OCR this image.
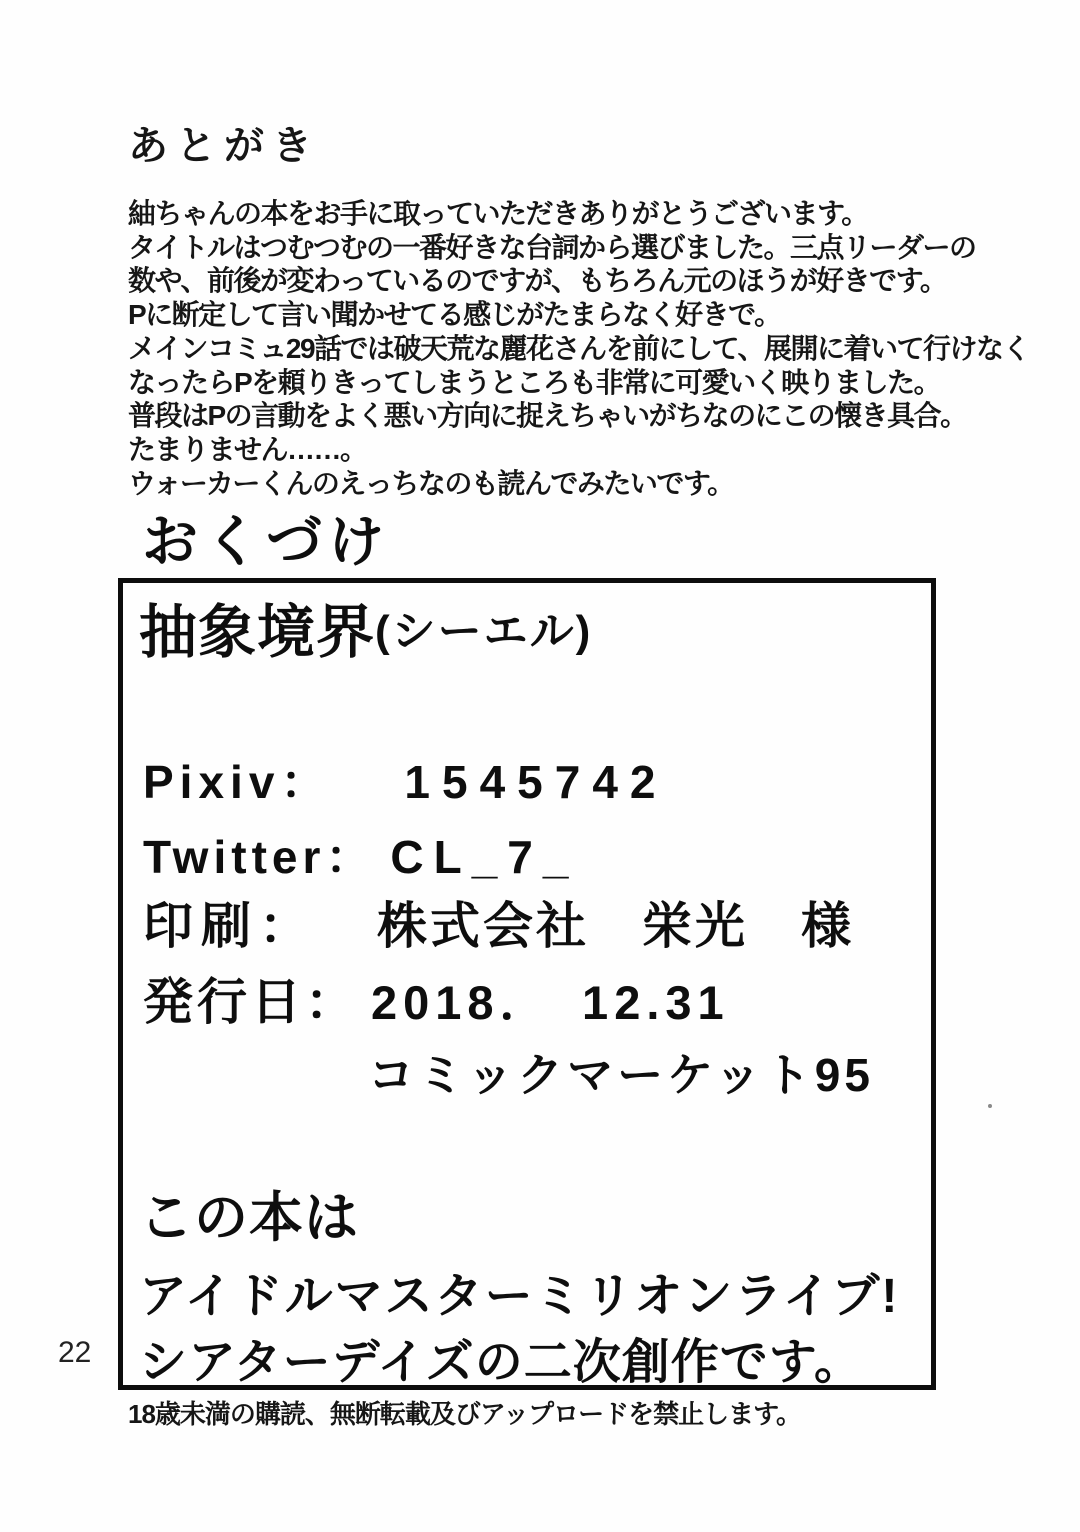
あとがき
紬ちゃんの本をお手に取っていただきありがとうございます。
タイトルはつむつむの一番好きな台詞から選びました。三点リーダーの
数や、前後が変わっているのですが、もちろん元のほうが好きです。
Pに断定して言い聞かせてる感じがたまらなく好きで。
メインコミュ29話では破天荒な麗花さんを前にして、展開に着いて行けなく
なったらPを頼りきってしまうところも非常に可愛いく映りました。
普段はPの言動をよく悪い方向に捉えちゃいがちなのにこの懐き具合。
たまりません……。
ウォーカーくんのえっちなのも読んでみたいです。
おくづけ
抽象境界(シーエル)
Pixiv： 1545742
Twitter： CL_7_
印刷： 株式会社　栄光　様
発行日： 2018．　12.31
コミックマーケット95
この本は
アイドルマスターミリオンライブ!
シアターデイズの二次創作です。
22
18歳未満の購読、無断転載及びアップロードを禁止します。
